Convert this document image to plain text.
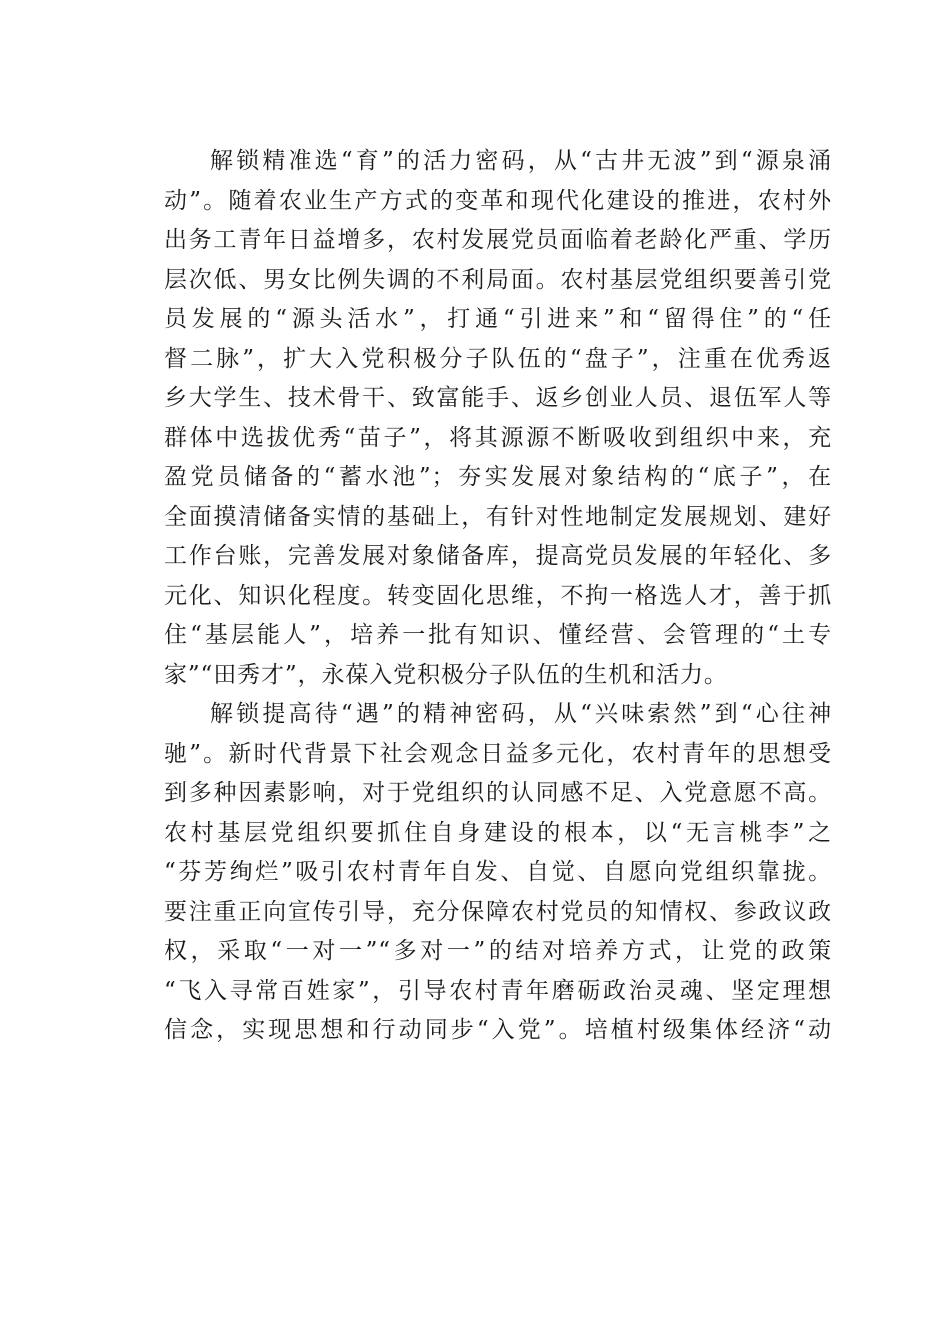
解锁精准选“育”的活力密码，从“古井无波”到“源泉涌
动”。随着农业生产方式的变革和现代化建设的推进，农村外
出务工青年日益增多，农村发展党员面临着老龄化严重、学历
层次低、男女比例失调的不利局面。农村基层党组织要善引党
员发展的“源头活水”，打通“引进来”和“留得住”的“任
督二脉”，扩大入党积极分子队伍的“盘子”，注重在优秀返
乡大学生、技术骨干、致富能手、返乡创业人员、退伍军人等
群体中选拔优秀“苗子”，将其源源不断吸收到组织中来，充
盈党员储备的“蓄水池”；夯实发展对象结构的“底子”，在
全面摸清储备实情的基础上，有针对性地制定发展规划、建好
工作台账，完善发展对象储备库，提高党员发展的年轻化、多
元化、知识化程度。转变固化思维，不拘一格选人才，善于抓
住“基层能人”，培养一批有知识、懂经营、会管理的“土专
家”“田秀才”，永葆入党积极分子队伍的生机和活力。
解锁提高待“遇”的精神密码，从“兴味索然”到“心往神
驰”。新时代背景下社会观念日益多元化，农村青年的思想受
到多种因素影响，对于党组织的认同感不足、入党意愿不高。
农村基层党组织要抓住自身建设的根本，以“无言桃李”之
“芬芳绚烂”吸引农村青年自发、自觉、自愿向党组织靠拢。
要注重正向宣传引导，充分保障农村党员的知情权、参政议政
权，采取“一对一”“多对一”的结对培养方式，让党的政策
“飞入寻常百姓家”，引导农村青年磨砺政治灵魂、坚定理想
信念，实现思想和行动同步“入党”。培植村级集体经济“动
